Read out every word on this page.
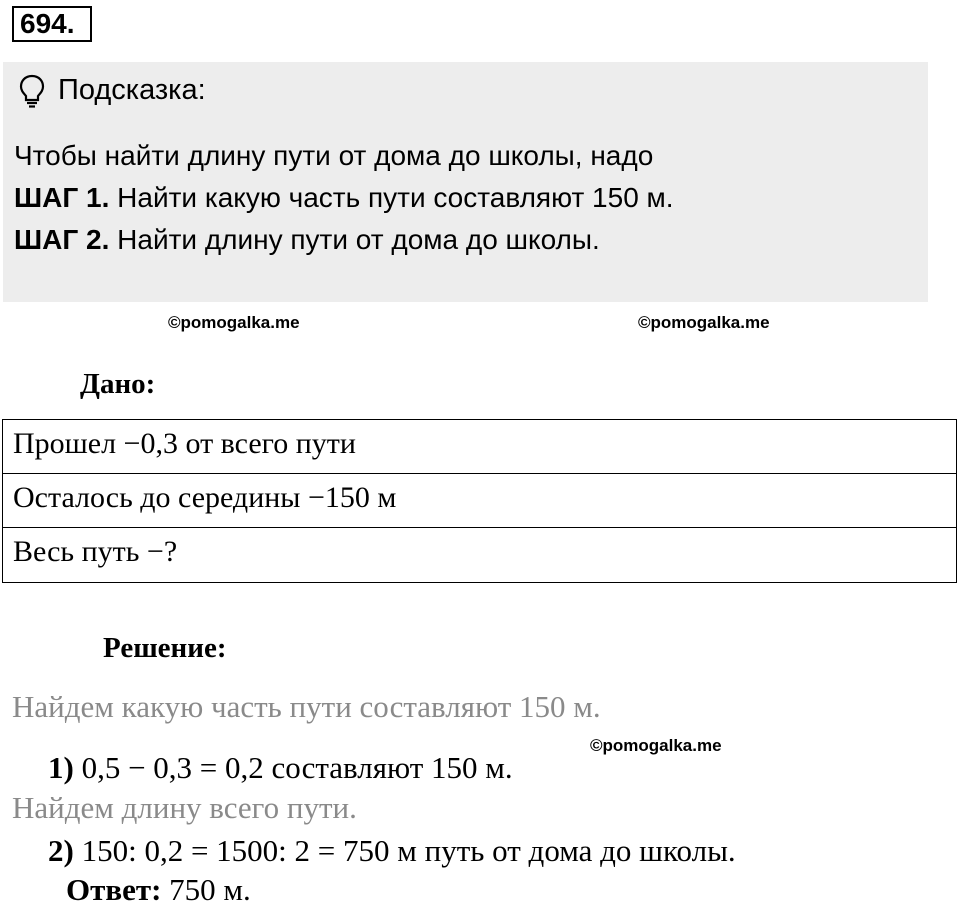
694.
Подсказка:
Чтобы найти длину пути от дома до школы, надо
ШАГ 1. Найти какую часть пути составляют 150 м.
ШАГ 2. Найти длину пути от дома до школы.
©pomogalka.me	©pomogalka.me
Дано:
Прошел −0,3 от всего пути
Осталось до середины −150 м
Весь путь −?
Решение:
Найдем какую часть пути составляют 150 м.
©pomogalka.me
1) 0,5 − 0,3 = 0,2 составляют 150 м.
Найдем длину всего пути.
2) 150: 0,2 = 1500: 2 = 750 м путь от дома до школы.
Ответ: 750 м.
